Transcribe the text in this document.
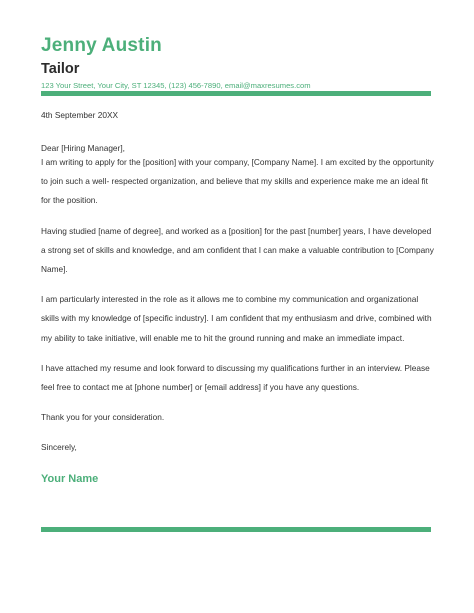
Jenny Austin
Tailor

123 Your Street, Your City, ST 12345, (123) 456-7890, email@maxresumes.com

4th September 20XX

Dear [Hiring Manager],

I am writing to apply for the [position] with your company, [Company Name]. I am excited by the opportunity to join such a well- respected organization, and believe that my skills and experience make me an ideal fit for the position.

Having studied [name of degree], and worked as a [position] for the past [number] years, I have developed a strong set of skills and knowledge, and am confident that I can make a valuable contribution to [Company Name].

I am particularly interested in the role as it allows me to combine my communication and organizational skills with my knowledge of [specific industry]. I am confident that my enthusiasm and drive, combined with my ability to take initiative, will enable me to hit the ground running and make an immediate impact.

I have attached my resume and look forward to discussing my qualifications further in an interview. Please feel free to contact me at [phone number] or [email address] if you have any questions.

Thank you for your consideration.

Sincerely,

Your Name
